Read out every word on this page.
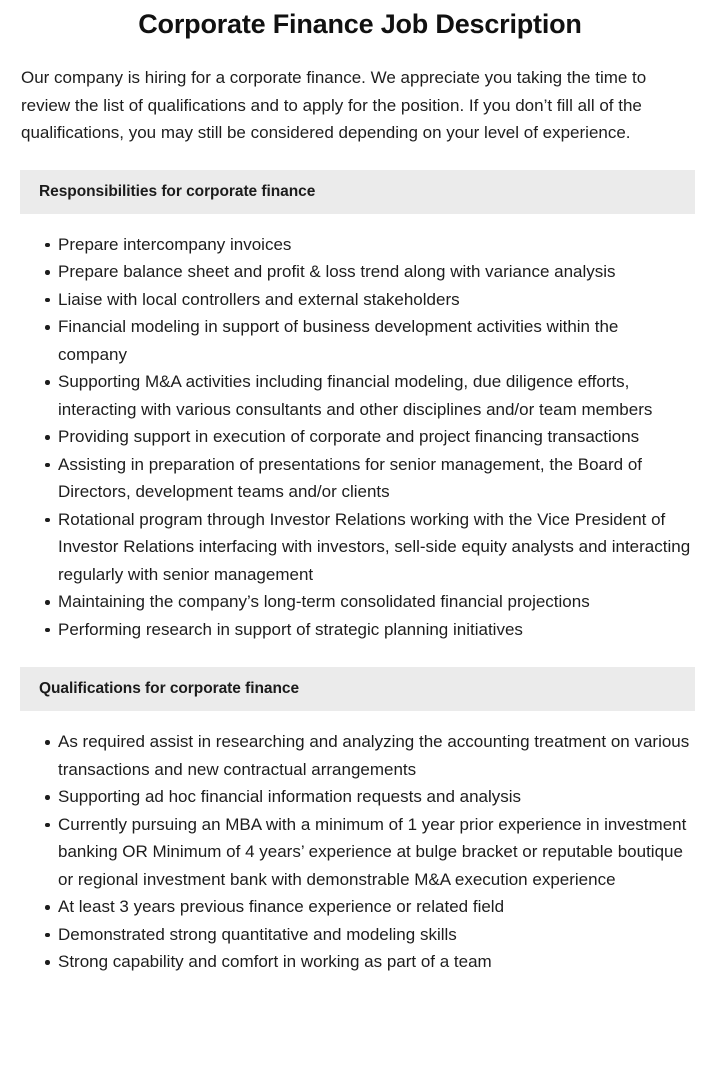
Corporate Finance Job Description

Our company is hiring for a corporate finance. We appreciate you taking the time to review the list of qualifications and to apply for the position. If you don’t fill all of the qualifications, you may still be considered depending on your level of experience.

Responsibilities for corporate finance
Prepare intercompany invoices
Prepare balance sheet and profit & loss trend along with variance analysis
Liaise with local controllers and external stakeholders
Financial modeling in support of business development activities within the company
Supporting M&A activities including financial modeling, due diligence efforts, interacting with various consultants and other disciplines and/or team members
Providing support in execution of corporate and project financing transactions
Assisting in preparation of presentations for senior management, the Board of Directors, development teams and/or clients
Rotational program through Investor Relations working with the Vice President of Investor Relations interfacing with investors, sell-side equity analysts and interacting regularly with senior management
Maintaining the company’s long-term consolidated financial projections
Performing research in support of strategic planning initiatives
Qualifications for corporate finance
As required assist in researching and analyzing the accounting treatment on various transactions and new contractual arrangements
Supporting ad hoc financial information requests and analysis
Currently pursuing an MBA with a minimum of 1 year prior experience in investment banking OR Minimum of 4 years’ experience at bulge bracket or reputable boutique or regional investment bank with demonstrable M&A execution experience
At least 3 years previous finance experience or related field
Demonstrated strong quantitative and modeling skills
Strong capability and comfort in working as part of a team
